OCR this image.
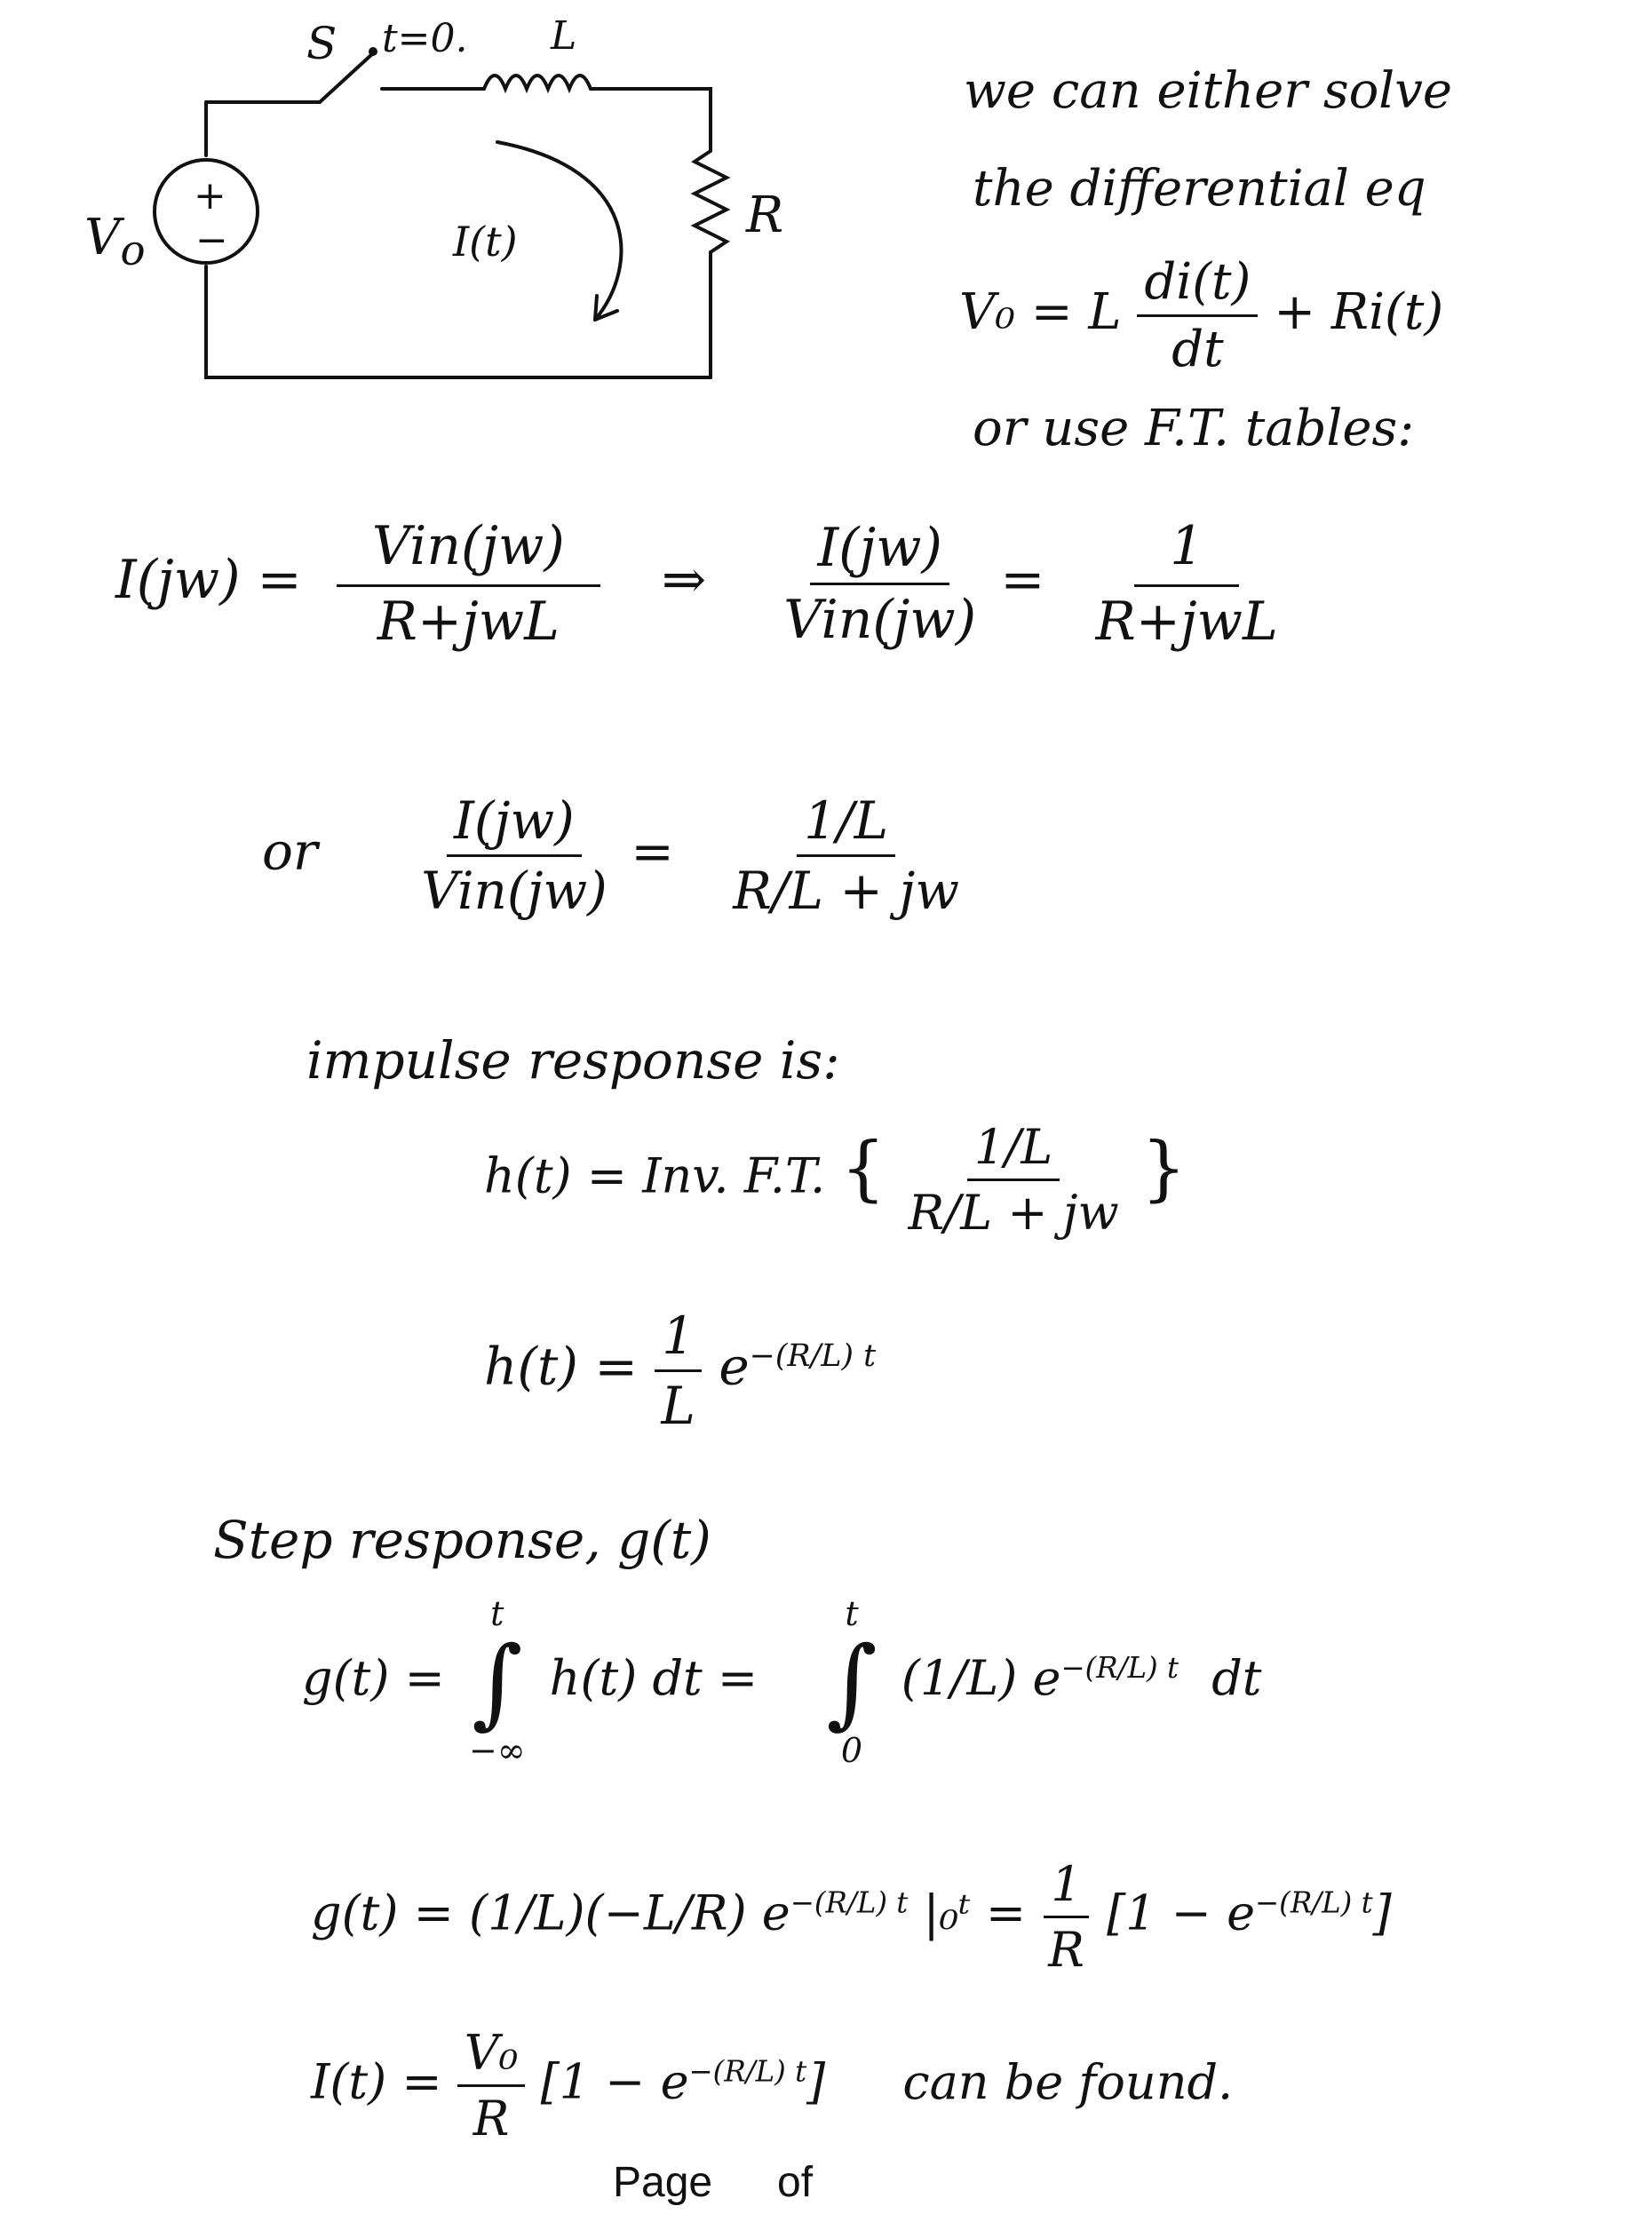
S t=0. L
R
+
−
$V_o$	I(t)
we can either solve
the differential eq
V₀ = L $\frac{di(t)}{dt} + Ri(t)$
or use F.T. tables:
$I(jw) = \frac{\text{Vin(jw)}}{\text{R+jwL}}$ ⇒ $\frac{I(jw)}{\text{Vin(jw)}} = \frac{1}{\text{R+jwL}}$
or $\frac{I(jw)}{\text{Vin(jw)}} = \frac{1/L}{R/L + jw}$
impulse response is:
h(t) = Inv. F.T. { $\frac{1/L}{R/L + jw}$ }
$h(t) = \frac{1}{L} e^{-(R/L) t}$
Step response, g(t)
g(t) =
t
∫
−∞
h(t) dt =
t
∫
0
(1/L) $e^{-(R/L) t}$ dt
g(t) = (1/L)(−L/R) $e^{-(R/L) t}$ |₀ᵗ = $\frac{1}{R} [1 - e^{-(R/L) t}]$
$I(t) = \frac{\text{V₀}}{R} [1 - e^{-(R/L) t}]$ can be found.
Page of
